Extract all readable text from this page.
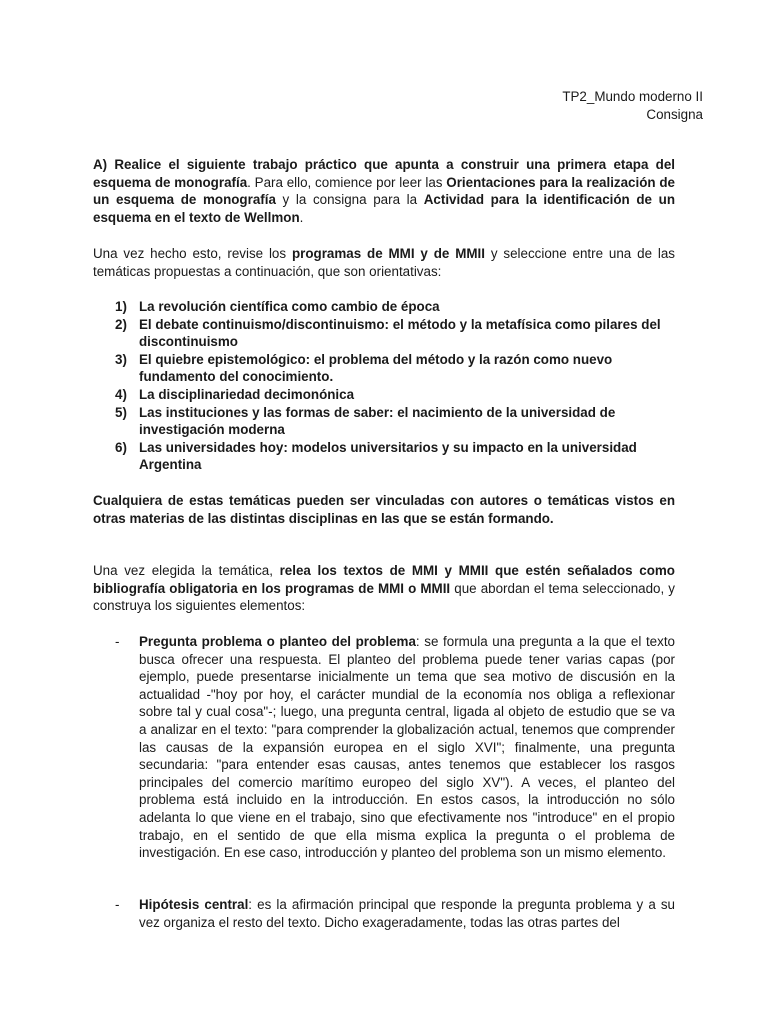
TP2_Mundo moderno II
Consigna

A) Realice el siguiente trabajo práctico que apunta a construir una primera etapa del esquema de monografía. Para ello, comience por leer las Orientaciones para la realización de un esquema de monografía y la consigna para la Actividad para la identificación de un esquema en el texto de Wellmon.

Una vez hecho esto, revise los programas de MMI y de MMII y seleccione entre una de las temáticas propuestas a continuación, que son orientativas:

1) La revolución científica como cambio de época
2) El debate continuismo/discontinuismo: el método y la metafísica como pilares del discontinuismo
3) El quiebre epistemológico: el problema del método y la razón como nuevo fundamento del conocimiento.
4) La disciplinariedad decimonónica
5) Las instituciones y las formas de saber: el nacimiento de la universidad de investigación moderna
6) Las universidades hoy: modelos universitarios y su impacto en la universidad Argentina

Cualquiera de estas temáticas pueden ser vinculadas con autores o temáticas vistos en otras materias de las distintas disciplinas en las que se están formando.

Una vez elegida la temática, relea los textos de MMI y MMII que estén señalados como bibliografía obligatoria en los programas de MMI o MMII que abordan el tema seleccionado, y construya los siguientes elementos:

- Pregunta problema o planteo del problema: se formula una pregunta a la que el texto busca ofrecer una respuesta. El planteo del problema puede tener varias capas (por ejemplo, puede presentarse inicialmente un tema que sea motivo de discusión en la actualidad -"hoy por hoy, el carácter mundial de la economía nos obliga a reflexionar sobre tal y cual cosa"-; luego, una pregunta central, ligada al objeto de estudio que se va a analizar en el texto: "para comprender la globalización actual, tenemos que comprender las causas de la expansión europea en el siglo XVI"; finalmente, una pregunta secundaria: "para entender esas causas, antes tenemos que establecer los rasgos principales del comercio marítimo europeo del siglo XV"). A veces, el planteo del problema está incluido en la introducción. En estos casos, la introducción no sólo adelanta lo que viene en el trabajo, sino que efectivamente nos "introduce" en el propio trabajo, en el sentido de que ella misma explica la pregunta o el problema de investigación. En ese caso, introducción y planteo del problema son un mismo elemento.
- Hipótesis central: es la afirmación principal que responde la pregunta problema y a su vez organiza el resto del texto. Dicho exageradamente, todas las otras partes del
